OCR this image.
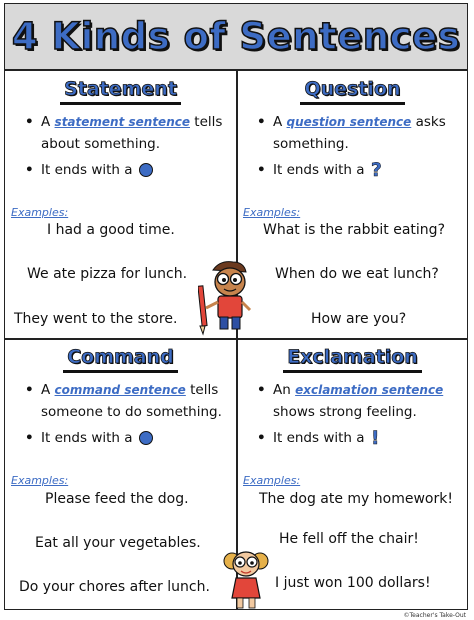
4 Kinds of Sentences
Statement
• A statement sentence tells about something.
• It ends with a
Examples:
I had a good time.
We ate pizza for lunch.
They went to the store.
Question
• A question sentence asks something.
• It ends with a ?
Examples:
What is the rabbit eating?
When do we eat lunch?
How are you?
Command
• A command sentence tells someone to do something.
• It ends with a
Examples:
Please feed the dog.
Eat all your vegetables.
Do your chores after lunch.
Exclamation
• An exclamation sentence shows strong feeling.
• It ends with a !
Examples:
The dog ate my homework!
He fell off the chair!
I just won 100 dollars!
©Teacher's Take-Out
